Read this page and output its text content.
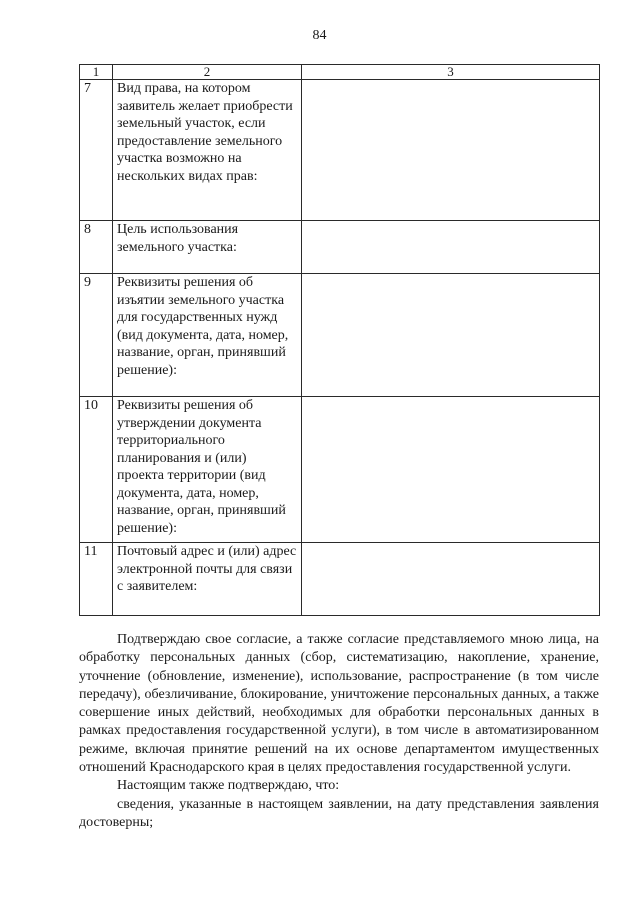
84
1	2	3
7	Вид права, на котором заявитель желает приобрести земельный участок, если предоставление земельного участка возможно на нескольких видах прав:	
8	Цель использования земельного участка:	
9	Реквизиты решения об изъятии земельного участка для государственных нужд (вид документа, дата, номер, название, орган, принявший решение):	
10	Реквизиты решения об утверждении документа территориального планирования и (или) проекта территории (вид документа, дата, номер, название, орган, принявший решение):	
11	Почтовый адрес и (или) адрес электронной почты для связи с заявителем:	

Подтверждаю свое согласие, а также согласие представляемого мною лица, на обработку персональных данных (сбор, систематизацию, накопление, хранение, уточнение (обновление, изменение), использование, распространение (в том числе передачу), обезличивание, блокирование, уничтожение персональных данных, а также совершение иных действий, необходимых для обработки персональных данных в рамках предоставления государственной услуги), в том числе в автоматизированном режиме, включая принятие решений на их основе департаментом имущественных отношений Краснодарского края в целях предоставления государственной услуги.

Настоящим также подтверждаю, что:

сведения, указанные в настоящем заявлении, на дату представления заявления достоверны;
